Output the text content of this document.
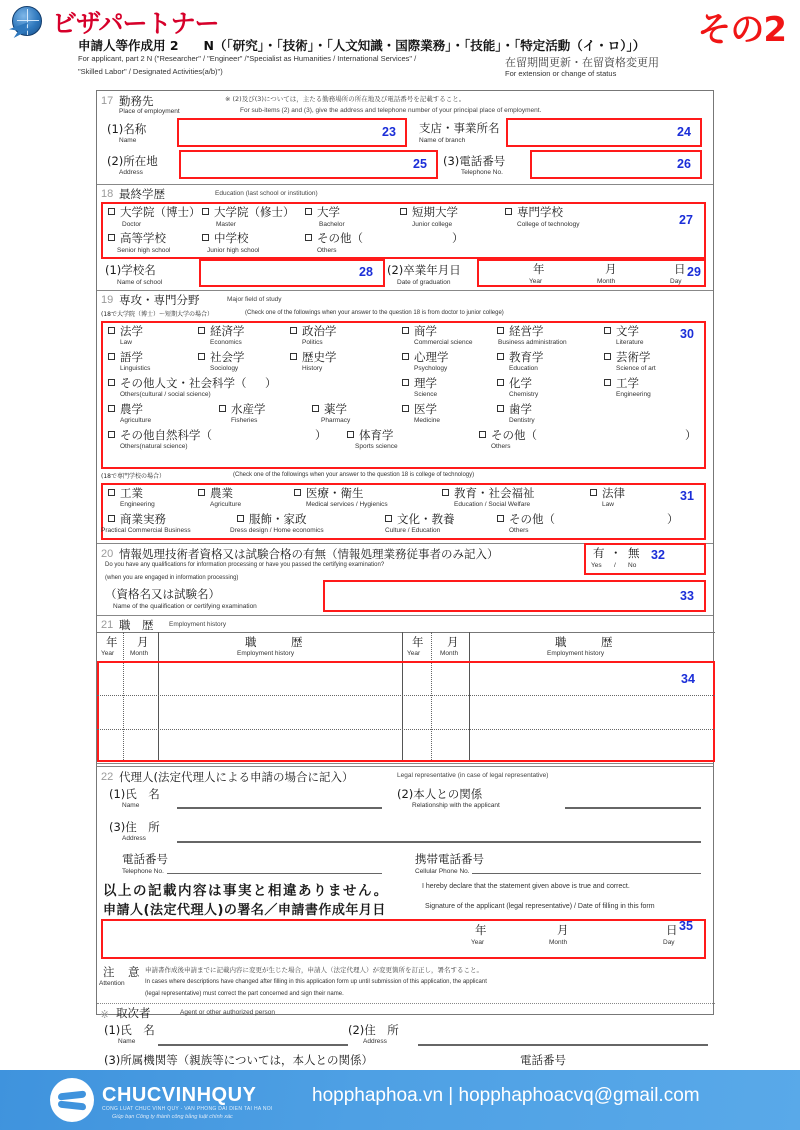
ビザパートナー	その2
申請人等作成用 2　　N（「研究」・「技術」・「人文知識・国際業務」・「技能」・「特定活動（イ・ロ）」）
For applicant, part 2 N ("Researcher" / "Engineer" /"Specialist as Humanities / International Services" /
"Skilled Labor" / Designated Activities(a/b)")
在留期間更新・在留資格変更用
For extension or change of status
17 勤務先
Place of employment
※ (2)及び(3)については，主たる勤務場所の所在地及び電話番号を記載すること。
For sub-items (2) and (3), give the address and telephone number of your principal place of employment.
(1)名称
Name
23 支店・事業所名
Name of branch
24
(2)所在地
Address
25 (3)電話番号
Telephone No.
26
18 最終学歴	Education (last school or institution)
27
大学院（博士）
Doctor
大学院（修士）
Master
大学
Bachelor
短期大学
Junior college
専門学校
College of technology
高等学校
Senior high school
中学校
Junior high school
その他（	）
Others
(1)学校名
Name of school
28 (2)卒業年月日
Date of graduation
年
Year
月
Month
日
Day
29
19 専攻・専門分野	Major field of study
(18で大学院（博士）～短期大学の場合）	(Check one of the followings when your answer to the question 18 is from doctor to junior college)
30
法学
Law
経済学
Economics
政治学
Politics
商学
Commercial science
経営学
Business administration
文学
Literature
語学
Linguistics
社会学
Sociology
歴史学
History
心理学
Psychology
教育学
Education
芸術学
Science of art
その他人文・社会科学（ ）
Others(cultural / social science)
理学
Science
化学
Chemistry
工学
Engineering
農学
Agriculture
水産学
Fisheries
薬学
Pharmacy
医学
Medicine
歯学
Dentistry
その他自然科学（	）
Others(natural science)
体育学
Sports science
その他（	）
Others
(18で専門学校の場合）	(Check one of the followings when your answer to the question 18 is college of technology)
31
工業
Engineering
農業
Agriculture
医療・衛生
Medical services / Hygienics
教育・社会福祉
Education / Social Welfare
法律
Law
商業実務
Practical Commercial Business
服飾・家政
Dress design / Home economics
文化・教養
Culture / Education
その他（	）
Others
20 情報処理技術者資格又は試験合格の有無（情報処理業務従事者のみ記入）
Do you have any qualifications for information processing or have you passed the certifying examination?
(when you are engaged in information processing)
有 ・ 無
Yes / No
32
（資格名又は試験名）
Name of the qualification or certifying examination
33
21 職　歴 Employment history
年
Year
月
Month
職　　　歴
Employment history
年
Year
月
Month
職　　　歴
Employment history
34
22 代理人(法定代理人による申請の場合に記入）	Legal representative (in case of legal representative)
(1)氏　名
Name
(2)本人との関係
Relationship with the applicant
(3)住　所
Address
電話番号
Telephone No.
携帯電話番号
Cellular Phone No.
以上の記載内容は事実と相違ありません。	I hereby declare that the statement given above is true and correct.
申請人(法定代理人)の署名／申請書作成年月日	Signature of the applicant (legal representative) / Date of filling in this form
年
Year
月
Month
日
Day
35
注　意
Attention
申請書作成後申請までに記載内容に変更が生じた場合，申請人（法定代理人）が変更箇所を訂正し，署名すること。
In cases where descriptions have changed after filling in this application form up until submission of this application, the applicant
(legal representative) must correct the part concerned and sign their name.
※ 取次者	Agent or other authorized person
(1)氏　名
Name
(2)住　所
Address
(3)所属機関等（親族等については，本人との関係）	電話番号
CHUCVINHQUY
CONG LUAT CHUC VINH QUY - VAN PHONG DAI DIEN TAI HA NOI
Giúp bạn Công ty thành công bằng luật chính xác
hopphaphoa.vn | hopphaphoacvq@gmail.com
